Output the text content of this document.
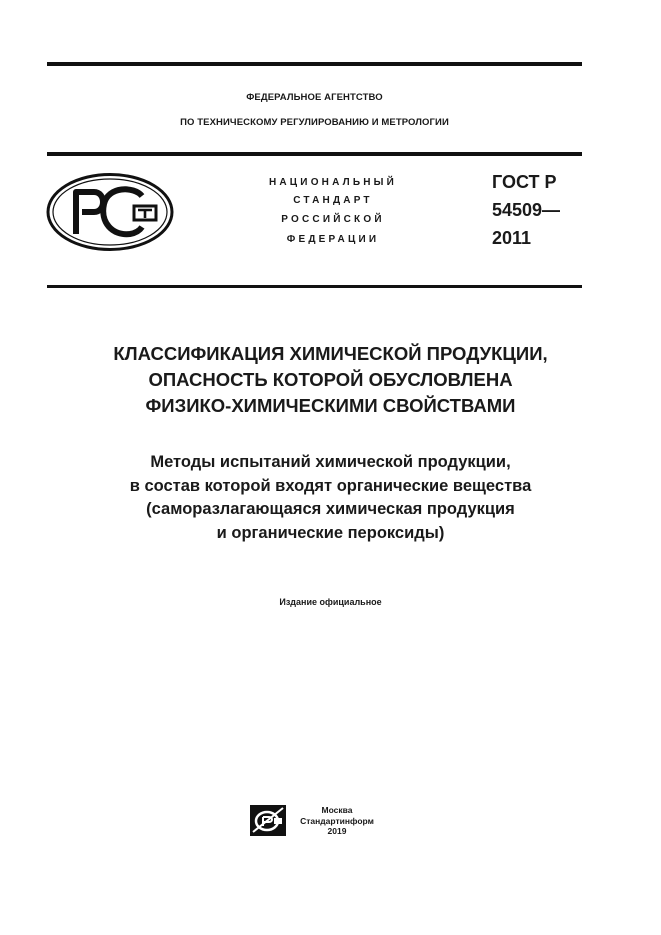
ФЕДЕРАЛЬНОЕ АГЕНТСТВО
ПО ТЕХНИЧЕСКОМУ РЕГУЛИРОВАНИЮ И МЕТРОЛОГИИ
НАЦИОНАЛЬНЫЙ
СТАНДАРТ
РОССИЙСКОЙ
ФЕДЕРАЦИИ
ГОСТ Р
54509—
2011
КЛАССИФИКАЦИЯ ХИМИЧЕСКОЙ ПРОДУКЦИИ,
ОПАСНОСТЬ КОТОРОЙ ОБУСЛОВЛЕНА
ФИЗИКО-ХИМИЧЕСКИМИ СВОЙСТВАМИ
Методы испытаний химической продукции,
в состав которой входят органические вещества
(саморазлагающаяся химическая продукция
и органические пероксиды)
Издание официальное
Москва
Стандартинформ
2019
